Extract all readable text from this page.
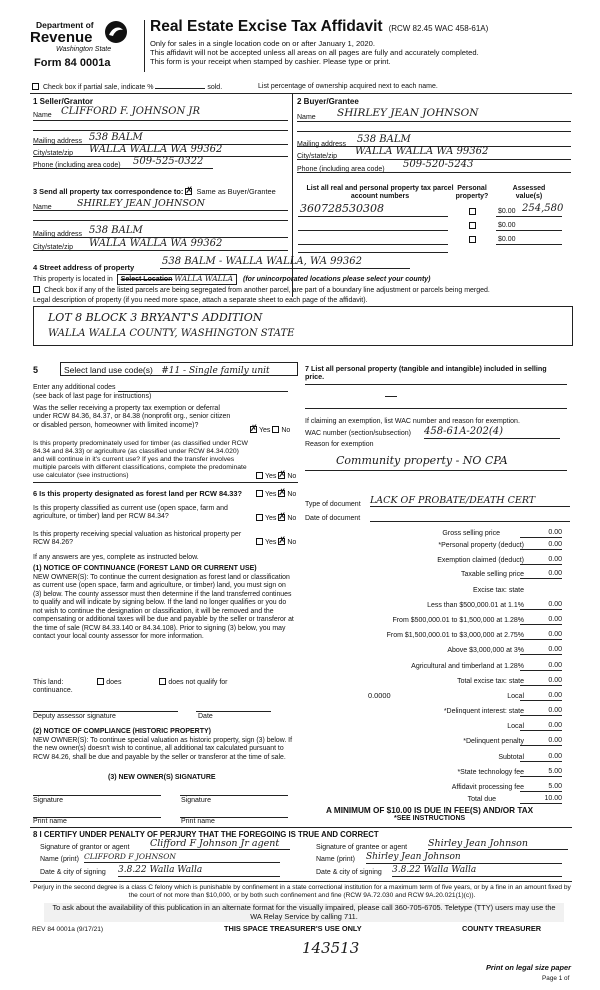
Department of
Revenue
Washington State
Form 84 0001a
Real Estate Excise Tax Affidavit (RCW 82.45 WAC 458-61A)
Only for sales in a single location code on or after January 1, 2020.
This affidavit will not be accepted unless all areas on all pages are fully and accurately completed.
This form is your receipt when stamped by cashier. Please type or print.
Check box if partial sale, indicate %	sold.	List percentage of ownership acquired next to each name.
1 Seller/Grantor
Name CLIFFORD F. JOHNSON JR
Mailing address 538 BALM
City/state/zip WALLA WALLA WA 99362
Phone (including area code) 509-525-0322
2 Buyer/Grantee
Name SHIRLEY JEAN JOHNSON
Mailing address 538 BALM
City/state/zip WALLA WALLA WA 99362
Phone (including area code) 509-520-5243
3 Send all property tax correspondence to: ✗ Same as Buyer/Grantee
Name	SHIRLEY JEAN JOHNSON
Mailing address 538 BALM
City/state/zip WALLA WALLA WA 99362
List all real and personal property tax parcel account numbers
Personal property?
Assessed value(s)
360728530308	$0.00 254,580
$0.00
$0.00
4 Street address of property
538 BALM - WALLA WALLA, WA 99362
This property is located in Select Location WALLA WALLA (for unincorporated locations please select your county)
Check box if any of the listed parcels are being segregated from another parcel, are part of a boundary line adjustment or parcels being merged.
Legal description of property (if you need more space, attach a separate sheet to each page of the affidavit).
LOT 8 BLOCK 3 BRYANT'S ADDITION
WALLA WALLA COUNTY, WASHINGTON STATE
5	Select land use code(s) #11 - Single family unit
Enter any additional codes
(see back of last page for instructions)
Was the seller receiving a property tax exemption or deferral under RCW 84.36, 84.37, or 84.38 (nonprofit org., senior citizen or disabled person, homeowner with limited income)?
✗Yes No
Is this property predominately used for timber (as classified under RCW 84.34 and 84.33) or agriculture (as classified under RCW 84.34.020) and will continue in it's current use? If yes and the transfer involves multiple parcels with different classifications, complete the predominate use calculator (see instructions)	Yes ✗ No
6 Is this property designated as forest land per RCW 84.33?	Yes ✗ No
Is this property classified as current use (open space, farm and agriculture, or timber) land per RCW 84.34?	Yes ✗ No
Is this property receiving special valuation as historical property per RCW 84.26?	Yes ✗ No
If any answers are yes, complete as instructed below.
(1) NOTICE OF CONTINUANCE (FOREST LAND OR CURRENT USE)
NEW OWNER(S): To continue the current designation as forest land or classification as current use (open space, farm and agriculture, or timber) land, you must sign on (3) below. The county assessor must then determine if the land transferred continues to qualify and will indicate by signing below. If the land no longer qualifies or you do not wish to continue the designation or classification, it will be removed and the compensating or additional taxes will be due and payable by the seller or transferor at the time of sale (RCW 84.33.140 or 84.34.108). Prior to signing (3) below, you may contact your local county assessor for more information.
This land:	does	does not qualify for
continuance.
Deputy assessor signature	Date
(2) NOTICE OF COMPLIANCE (HISTORIC PROPERTY)
NEW OWNER(S): To continue special valuation as historic property, sign (3) below. If the new owner(s) doesn't wish to continue, all additional tax calculated pursuant to RCW 84.26, shall be due and payable by the seller or transferor at the time of sale.
(3) NEW OWNER(S) SIGNATURE
Signature	Signature
Print name	Print name
7 List all personal property (tangible and intangible) included in selling price.
If claiming an exemption, list WAC number and reason for exemption.
WAC number (section/subsection) 458-61A-202(4)
Reason for exemption
Community property - NO CPA
Type of document LACK OF PROBATE/DEATH CERT
Date of document
Gross selling price	0.00
*Personal property (deduct)	0.00
Exemption claimed (deduct)	0.00
Taxable selling price	0.00
Excise tax: state
Less than $500,000.01 at 1.1%	0.00
From $500,000.01 to $1,500,000 at 1.28%	0.00
From $1,500,000.01 to $3,000,000 at 2.75%	0.00
Above $3,000,000 at 3%	0.00
Agricultural and timberland at 1.28%	0.00
Total excise tax: state	0.00
Local	0.00
*Delinquent interest: state	0.00
Local	0.00
*Delinquent penalty	0.00
Subtotal	0.00
*State technology fee	5.00
Affidavit processing fee	5.00
Total due	10.00
0.0000
A MINIMUM OF $10.00 IS DUE IN FEE(S) AND/OR TAX
*SEE INSTRUCTIONS
8 I CERTIFY UNDER PENALTY OF PERJURY THAT THE FOREGOING IS TRUE AND CORRECT
Signature of grantor or agent	Clifford F Johnson Jr agent
Name (print) CLIFFORD F JOHNSON
Date & city of signing 3.8.22 Walla Walla
Signature of grantee or agent Shirley Jean Johnson
Name (print) Shirley Jean Johnson
Date & city of signing 3.8.22 Walla Walla
Perjury in the second degree is a class C felony which is punishable by confinement in a state correctional institution for a maximum term of five years, or by a fine in an amount fixed by the court of not more than $10,000, or by both such confinement and fine (RCW 9A.72.030 and RCW 9A.20.021(1)(c)).
To ask about the availability of this publication in an alternate format for the visually impaired, please call 360-705-6705. Teletype (TTY) users may use the WA Relay Service by calling 711.
REV 84 0001a (9/17/21)	THIS SPACE TREASURER'S USE ONLY	COUNTY TREASURER
143513
Print on legal size paper
Page 1 of
